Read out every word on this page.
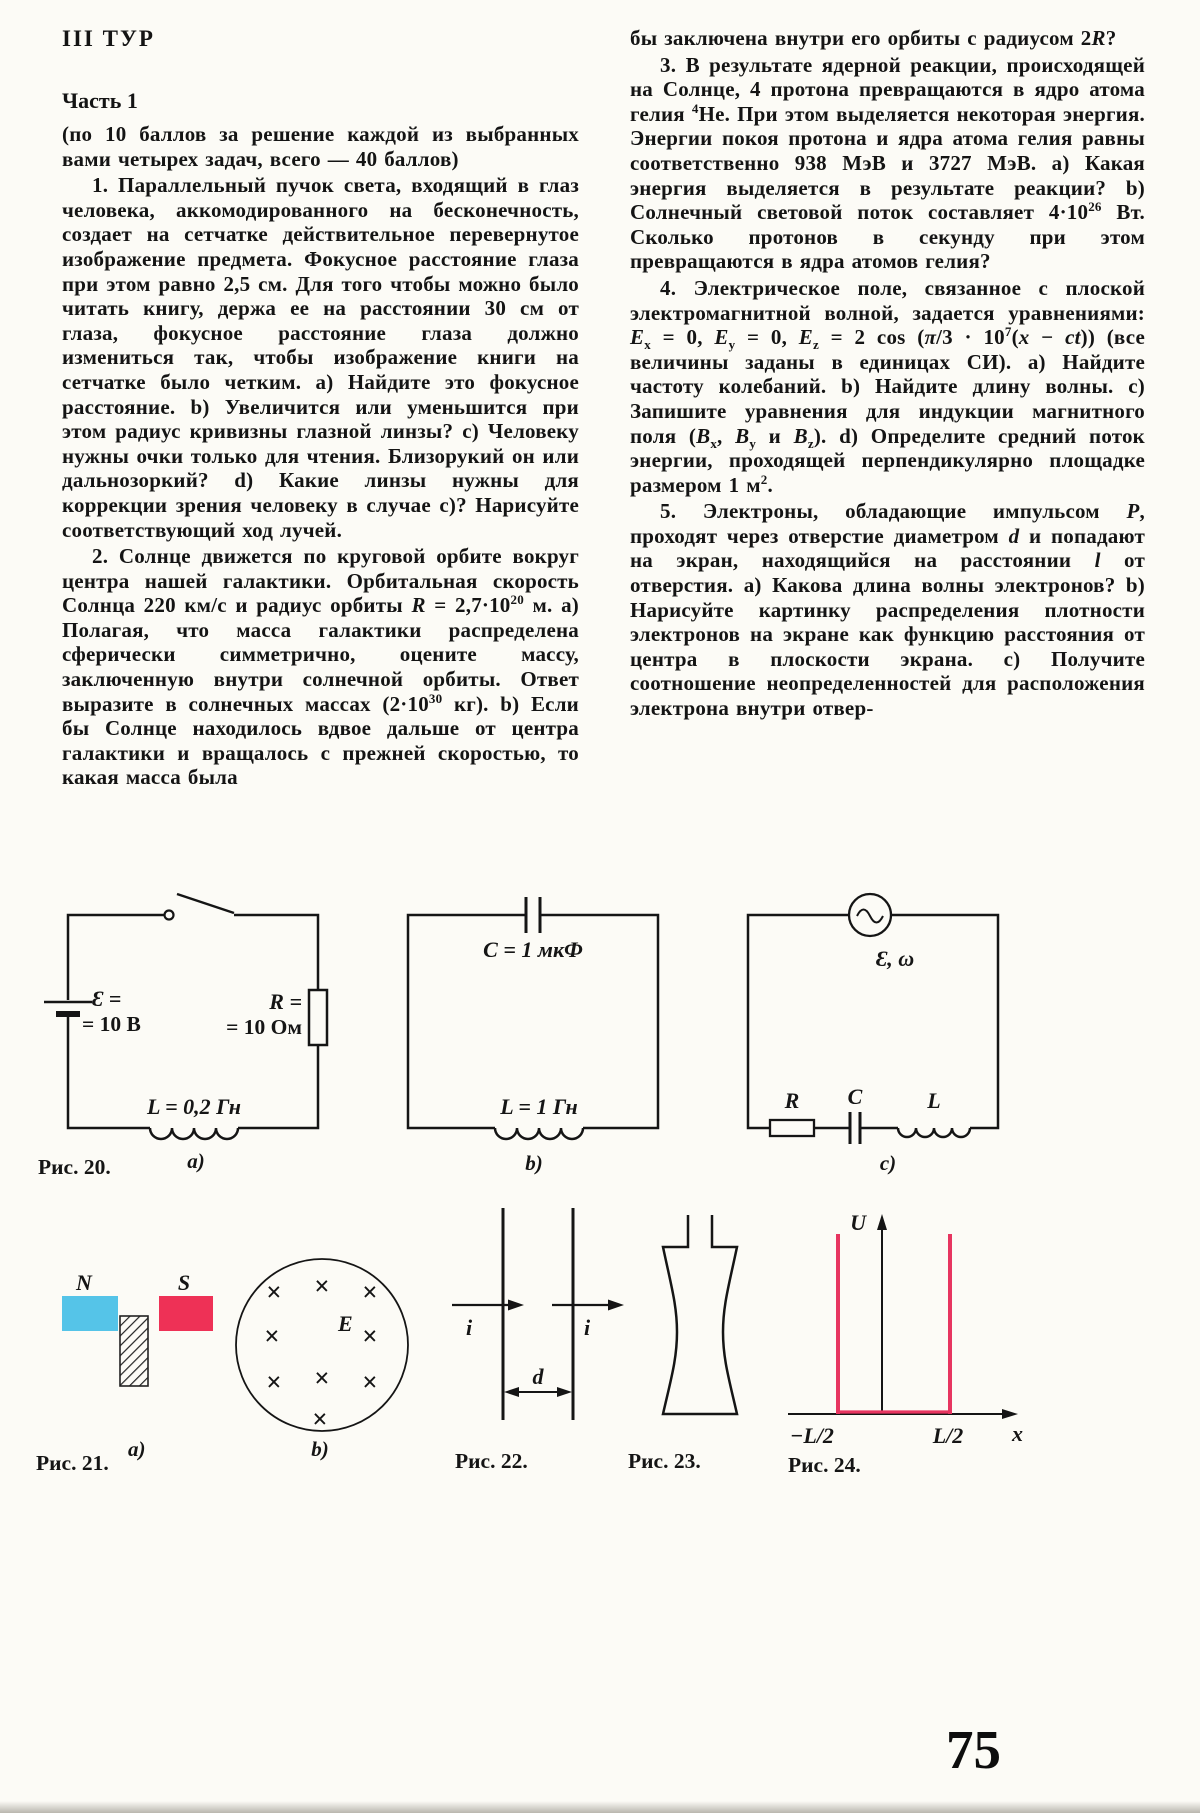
III ТУР
Часть 1

(по 10 баллов за решение каждой из выбранных вами четырех задач, всего — 40 баллов)

1. Параллельный пучок света, входящий в глаз человека, аккомодированного на бесконечность, создает на сетчатке действительное перевернутое изображение предмета. Фокусное расстояние глаза при этом равно 2,5 см. Для того чтобы можно было читать книгу, держа ее на расстоянии 30 см от глаза, фокусное расстояние глаза должно измениться так, чтобы изображение книги на сетчатке было четким. a) Найдите это фокусное расстояние. b) Увеличится или уменьшится при этом радиус кривизны глазной линзы? c) Человеку нужны очки только для чтения. Близорукий он или дальнозоркий? d) Какие линзы нужны для коррекции зрения человеку в случае c)? Нарисуйте соответствующий ход лучей.

2. Солнце движется по круговой орбите вокруг центра нашей галактики. Орбитальная скорость Солнца 220 км/с и радиус орбиты $R = 2,7\cdot 10^{20}$ м. a) Полагая, что масса галактики распределена сферически симметрично, оцените массу, заключенную внутри солнечной орбиты. Ответ выразите в солнечных массах ($2\cdot 10^{30}$ кг). b) Если бы Солнце находилось вдвое дальше от центра галактики и вращалось с прежней скоростью, то какая масса была

бы заключена внутри его орбиты с радиусом 2R?

3. В результате ядерной реакции, происходящей на Солнце, 4 протона превращаются в ядро атома гелия $^4$He. При этом выделяется некоторая энергия. Энергии покоя протона и ядра атома гелия равны соответственно 938 МэВ и 3727 МэВ. a) Какая энергия выделяется в результате реакции? b) Солнечный световой поток составляет $4\cdot 10^{26}$ Вт. Сколько протонов в секунду при этом превращаются в ядра атомов гелия?

4. Электрическое поле, связанное с плоской электромагнитной волной, задается уравнениями: $E_x = 0$, $E_y = 0$, $E_z = 2$ $\cos (\pi/3 \cdot 10^7(x - ct))$ (все величины заданы в единицах СИ). a) Найдите частоту колебаний. b) Найдите длину волны. c) Запишите уравнения для индукции магнитного поля ($B_x$, $B_y$ и $B_z$). d) Определите средний поток энергии, проходящей перпендикулярно площадке размером 1 $м^2$.

5. Электроны, обладающие импульсом P, проходят через отверстие диаметром d и попадают на экран, находящийся на расстоянии l от отверстия. a) Какова длина волны электронов? b) Нарисуйте картинку распределения плотности электронов на экране как функцию расстояния от центра в плоскости экрана. c) Получите соотношение неопределенностей для расположения электрона внутри отвер-

Ɛ =
= 10 В
R =
= 10 Ом
L = 0,2 Гн
a)
C = 1 мкФ
L = 1 Гн
b)
Ɛ, ω
R C	L
c)
Рис. 20.
N	S
a)
× × ×
×	×
× × ×
×
E
b)
Рис. 21.
i	i
d
Рис. 22.	Рис. 23.
U
x
−L/2	L/2
Рис. 24.
75
